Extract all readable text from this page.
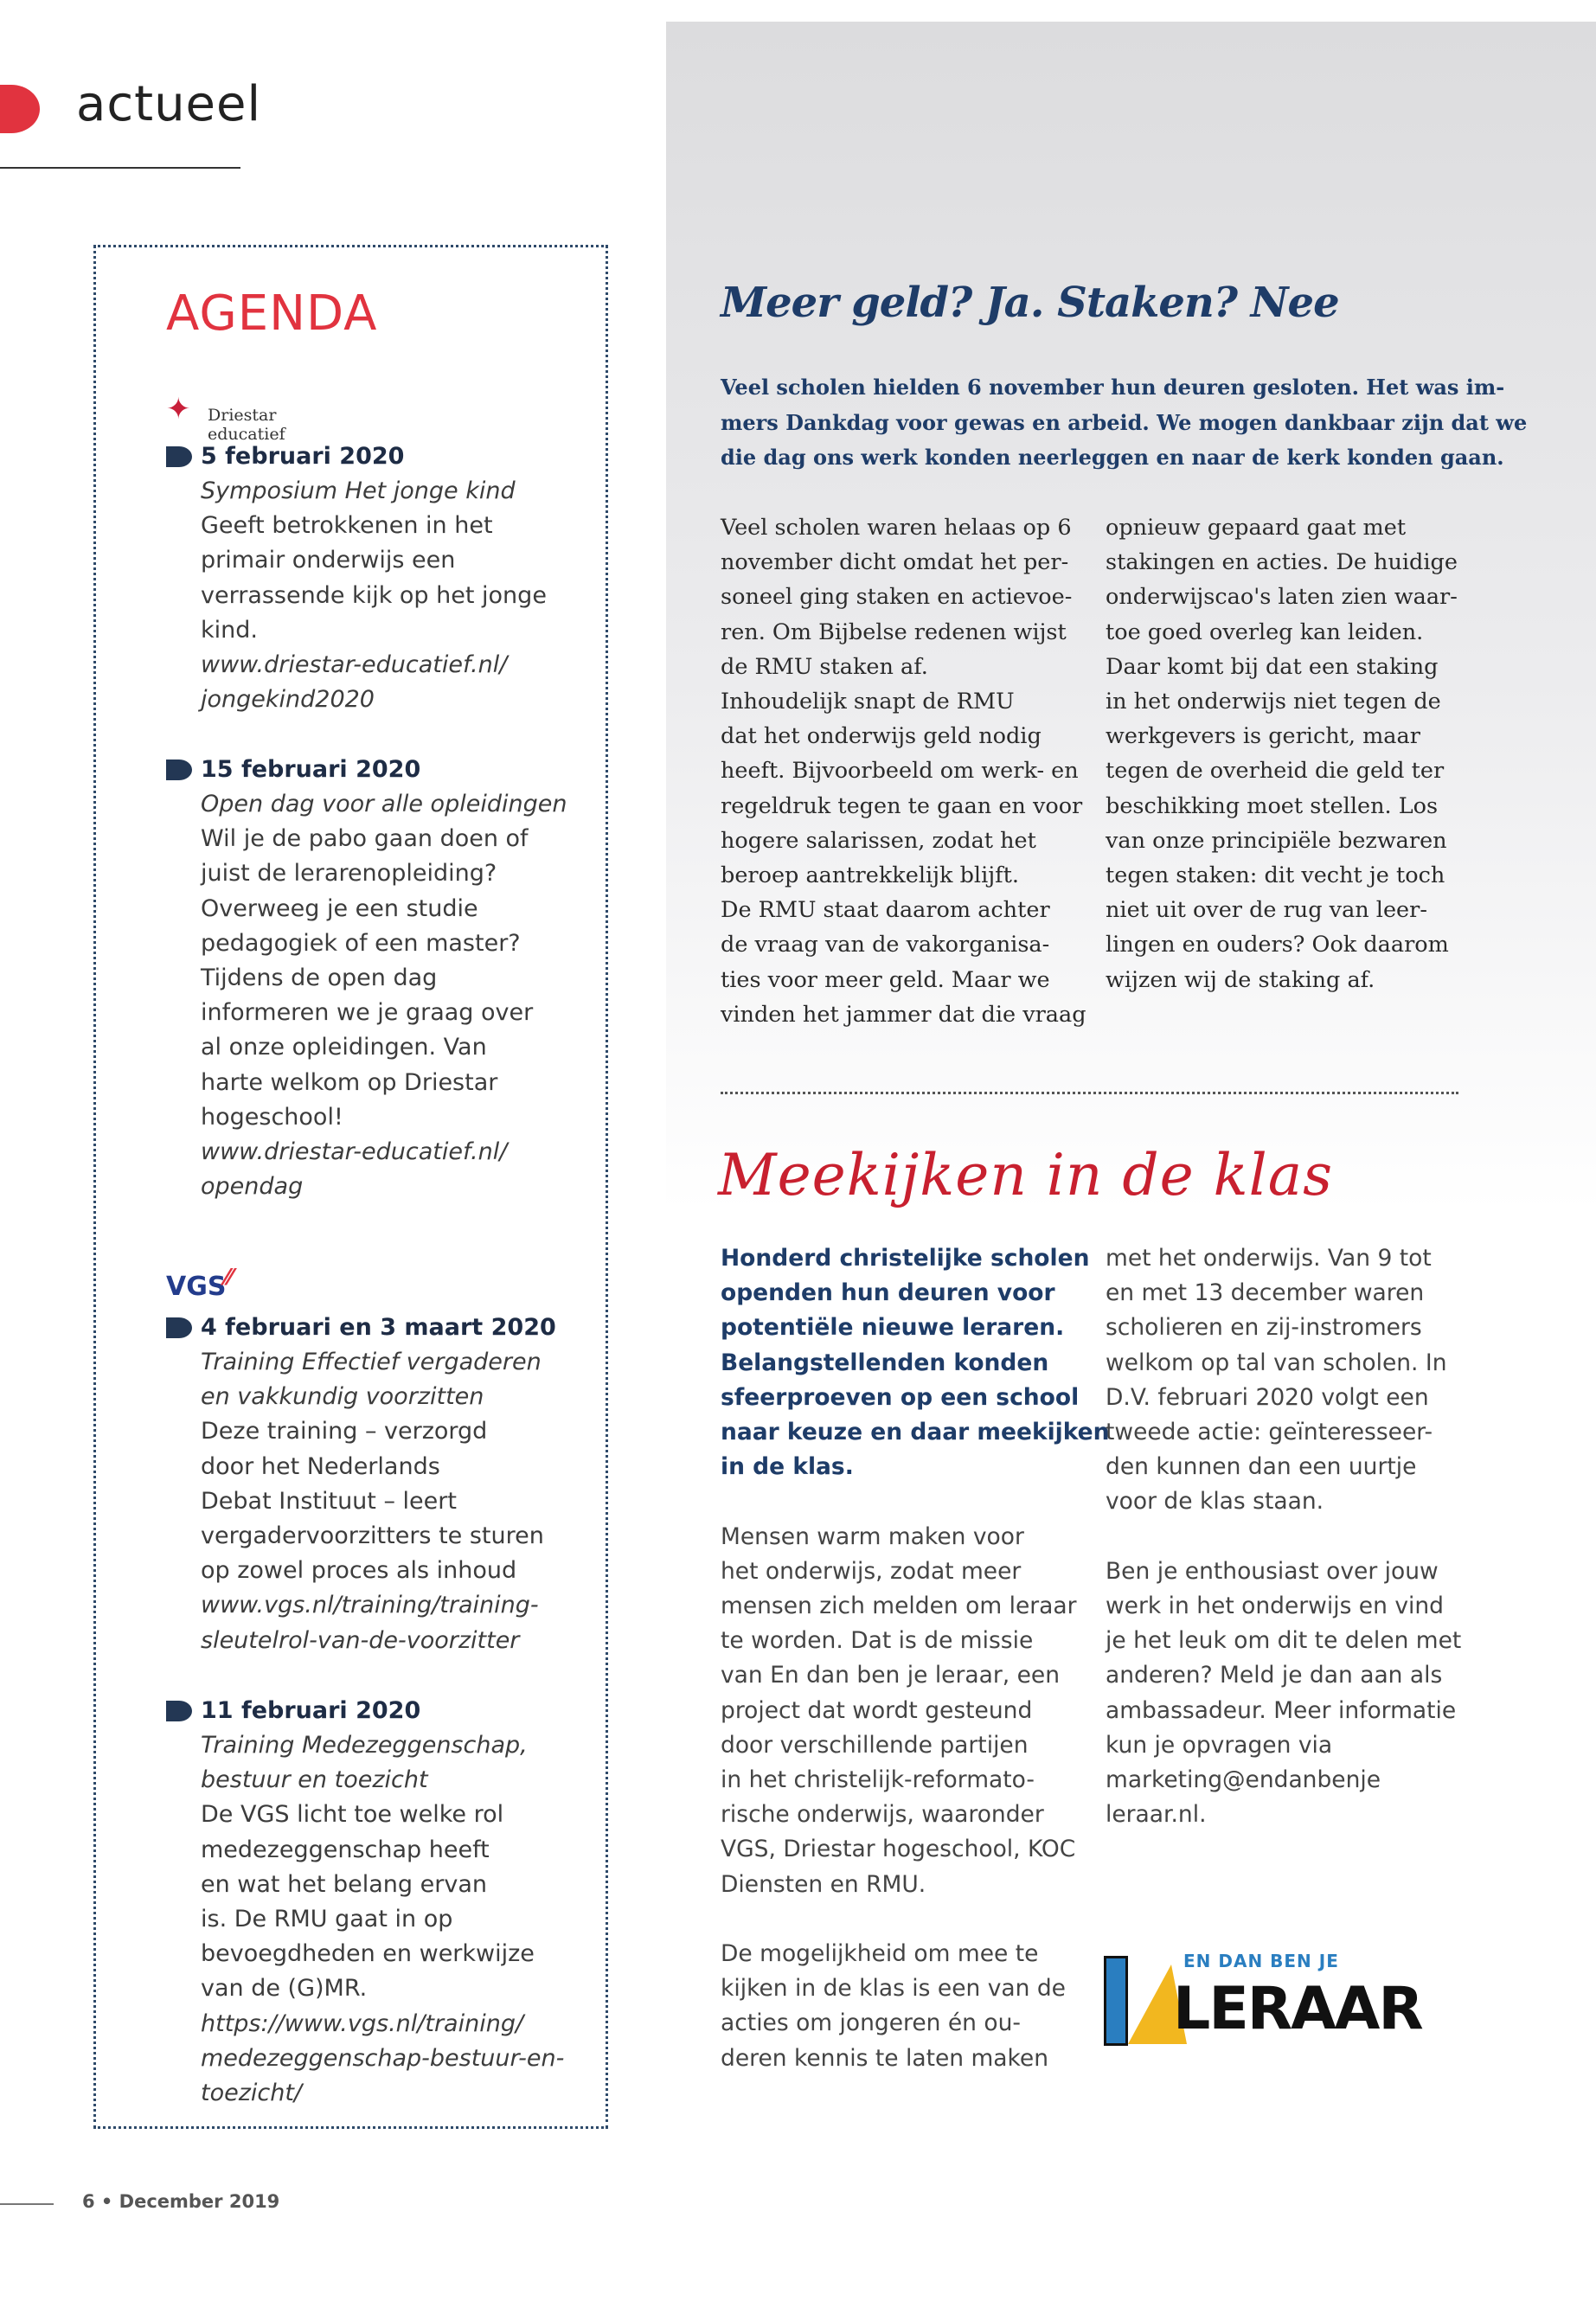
actueel
AGENDA
✦ Driestar educatief
5 februari 2020
Symposium Het jonge kind
Geeft betrokkenen in het
primair onderwijs een
verrassende kijk op het jonge
kind.
www.driestar-educatief.nl/
jongekind2020
15 februari 2020
Open dag voor alle opleidingen
Wil je de pabo gaan doen of
juist de lerarenopleiding?
Overweeg je een studie
pedagogiek of een master?
Tijdens de open dag
informeren we je graag over
al onze opleidingen. Van
harte welkom op Driestar
hogeschool!
www.driestar-educatief.nl/
opendag
VGS
⁄⁄
4 februari en 3 maart 2020
Training Effectief vergaderen
en vakkundig voorzitten
Deze training – verzorgd
door het Nederlands
Debat Instituut – leert
vergadervoorzitters te sturen
op zowel proces als inhoud
www.vgs.nl/training/training-
sleutelrol-van-de-voorzitter
11 februari 2020
Training Medezeggenschap,
bestuur en toezicht
De VGS licht toe welke rol
medezeggenschap heeft
en wat het belang ervan
is. De RMU gaat in op
bevoegdheden en werkwijze
van de (G)MR.
https://www.vgs.nl/training/
medezeggenschap-bestuur-en-
toezicht/
Meer geld? Ja. Staken? Nee
Veel scholen hielden 6 november hun deuren gesloten. Het was im-
mers Dankdag voor gewas en arbeid. We mogen dankbaar zijn dat we
die dag ons werk konden neerleggen en naar de kerk konden gaan.
Veel scholen waren helaas op 6
november dicht omdat het per-
soneel ging staken en actievoe-
ren. Om Bijbelse redenen wijst
de RMU staken af.
Inhoudelijk snapt de RMU
dat het onderwijs geld nodig
heeft. Bijvoorbeeld om werk- en
regeldruk tegen te gaan en voor
hogere salarissen, zodat het
beroep aantrekkelijk blijft.
De RMU staat daarom achter
de vraag van de vakorganisa-
ties voor meer geld. Maar we
vinden het jammer dat die vraag
opnieuw gepaard gaat met
stakingen en acties. De huidige
onderwijscao's laten zien waar-
toe goed overleg kan leiden.
Daar komt bij dat een staking
in het onderwijs niet tegen de
werkgevers is gericht, maar
tegen de overheid die geld ter
beschikking moet stellen. Los
van onze principiële bezwaren
tegen staken: dit vecht je toch
niet uit over de rug van leer-
lingen en ouders? Ook daarom
wijzen wij de staking af.
Meekijken in de klas
Honderd christelijke scholen
openden hun deuren voor
potentiële nieuwe leraren.
Belangstellenden konden
sfeerproeven op een school
naar keuze en daar meekijken
in de klas.
Mensen warm maken voor
het onderwijs, zodat meer
mensen zich melden om leraar
te worden. Dat is de missie
van En dan ben je leraar, een
project dat wordt gesteund
door verschillende partijen
in het christelijk-reformato-
rische onderwijs, waaronder
VGS, Driestar hogeschool, KOC
Diensten en RMU.
De mogelijkheid om mee te
kijken in de klas is een van de
acties om jongeren én ou-
deren kennis te laten maken
met het onderwijs. Van 9 tot
en met 13 december waren
scholieren en zij-instromers
welkom op tal van scholen. In
D.V. februari 2020 volgt een
tweede actie: geïnteresseer-
den kunnen dan een uurtje
voor de klas staan.
Ben je enthousiast over jouw
werk in het onderwijs en vind
je het leuk om dit te delen met
anderen? Meld je dan aan als
ambassadeur. Meer informatie
kun je opvragen via
marketing@endanbenje
leraar.nl.
EN DAN BEN JE
LERAAR
6 • December 2019
